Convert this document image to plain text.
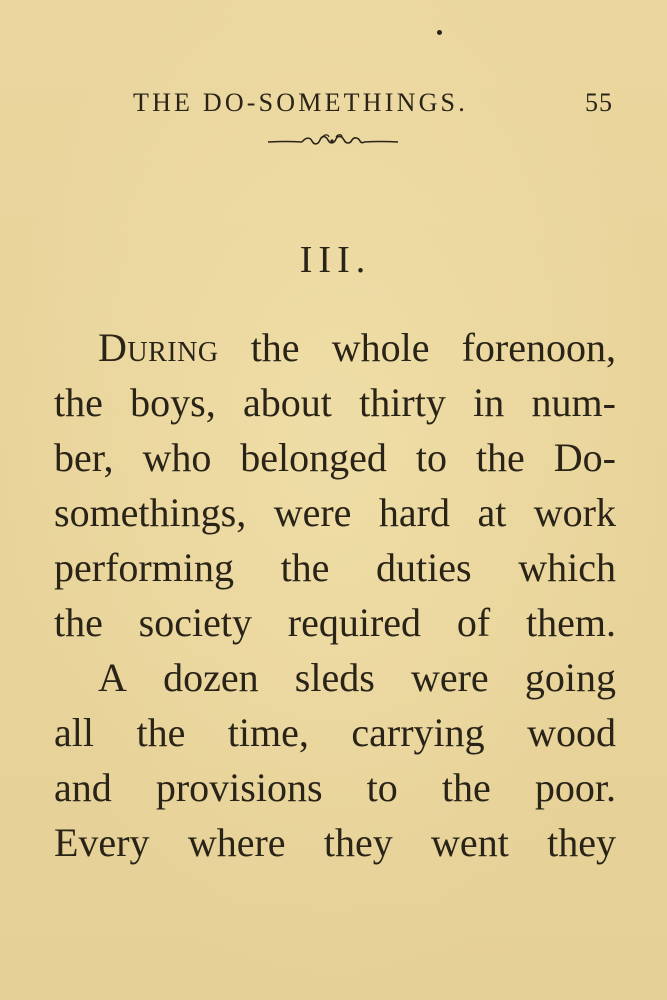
THE DO-SOMETHINGS.	55
III.
During the whole forenoon,
the boys, about thirty in num-
ber, who belonged to the Do-
somethings, were hard at work
performing the duties which
the society required of them.
A dozen sleds were going
all the time, carrying wood
and provisions to the poor.
Every where they went they
